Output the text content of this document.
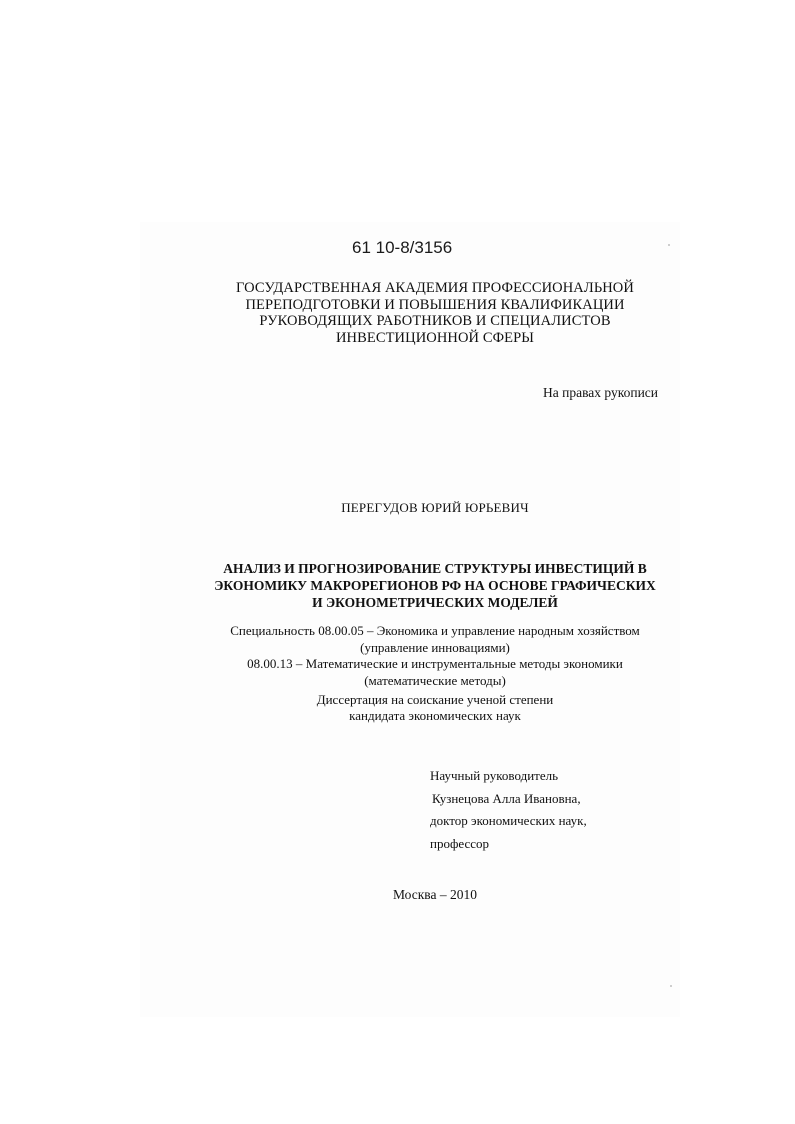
61 10-8/3156
ГОСУДАРСТВЕННАЯ АКАДЕМИЯ ПРОФЕССИОНАЛЬНОЙ
ПЕРЕПОДГОТОВКИ И ПОВЫШЕНИЯ КВАЛИФИКАЦИИ
РУКОВОДЯЩИХ РАБОТНИКОВ И СПЕЦИАЛИСТОВ
ИНВЕСТИЦИОННОЙ СФЕРЫ
На правах рукописи
ПЕРЕГУДОВ ЮРИЙ ЮРЬЕВИЧ
АНАЛИЗ И ПРОГНОЗИРОВАНИЕ СТРУКТУРЫ ИНВЕСТИЦИЙ В
ЭКОНОМИКУ МАКРОРЕГИОНОВ РФ НА ОСНОВЕ ГРАФИЧЕСКИХ
И ЭКОНОМЕТРИЧЕСКИХ МОДЕЛЕЙ
Специальность 08.00.05 – Экономика и управление народным хозяйством
(управление инновациями)
08.00.13 – Математические и инструментальные методы экономики
(математические методы)
Диссертация на соискание ученой степени
кандидата экономических наук
Научный руководитель
Кузнецова Алла Ивановна,
доктор экономических наук,
профессор
Москва – 2010
